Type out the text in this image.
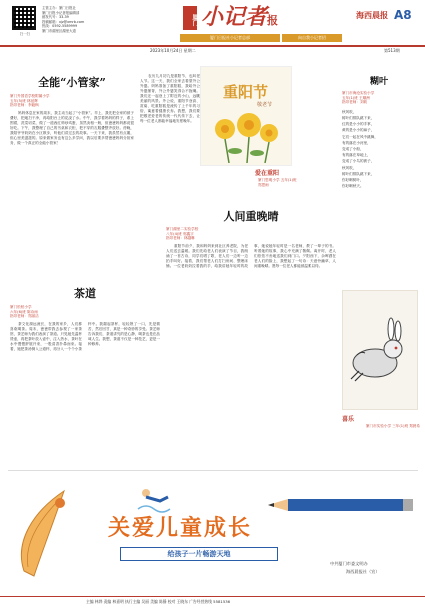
扫一扫
主管主办：厦门日报社
厦门日报小记者报编辑部
邮发代号：33-39
投稿邮箱：xjz@xmrb.com
热线：0592-5589999
厦门市湖里区湖里大道
厦门 小记者 报	海西晨报 A8
厦门日报社小记者总部	向自我小记者招
2023年10月24日 星期二	第513期
全能“小管家”
厦门外国语学校附属小学
五年(5)班 林延辉
指导老师：李毅枫
妈妈休息在家的周末，我主动当起了“小管家”。早上，我先把全家的被子叠好，把地扫干净，再给阳台上的花浇了水。中午，我学着妈妈的样子，系上围裙，洗菜切菜，做了一道西红柿炒鸡蛋，虽然卖相一般，但爸爸妈妈都说很好吃。下午，我整理了自己的书桌和衣柜，把不穿的衣服叠整齐放好。傍晚，我陪爷爷奶奶在小区散步，听他们讲过去的故事。一天下来，我虽然有点累，但心里美滋滋的。原来做家务也有这么多学问，我以后要多帮爸爸妈妈分担家务，做一个真正的全能小管家！
茶道
厦门松柏小学
六年(6)班 陈诗雨
指导老师：郑丽洁
茶文化源远流长，在我的家乡，人们都喜欢喝茶。周末，爸爸带我去参观了一家茶馆，茶艺师为我们表演了茶道。只见她先温杯烫壶，再把茶叶放入壶中，注入热水，茶叶在水中慢慢舒展开来，一股清香扑鼻而来。接着，她把茶汤倒入公道杯，再分入一个个小茶杯中。我端起茶杯，轻轻抿了一口，先是微苦，然后回甘，真是一种奇妙的享受。茶艺师告诉我们，茶道讲究的是心静，喝茶也是在品味人生。我想，茶道不仅是一种技艺，更是一种修养。
农历九月初九是重阳节，也叫老人节。这一天，我们全家去看望外公外婆。妈妈准备了重阳糕，我给外公外婆捶背，外公外婆笑得合不拢嘴。我们还一起登上了附近的小山，远眺美丽的风景。外公说，重阳节登高、赏菊、吃重阳糕是流传了上千年的习俗，寓意着健康长寿。我想，我们要把敬老爱老的传统一代代传下去，让每一位老人都能幸福地安度晚年。
重阳节
敬老节
爱在重阳
厦门思明小学 五年(1)班 郑思雨
人间重晚晴
厦门湖里二实验学校
八年(4)班 郭鑫宇
指导老师：林越琳
重阳节前夕，我和妈妈来到社区养老院，为老人们送去温暖。我们先给老人们表演了节目，我朗诵了一首古诗，同学们唱了歌，老人们一边听一边拍手叫好。接着，我们帮老人们打扫房间、整理床铺。一位老奶奶拉着我的手，给我讲她年轻时的故事，她说她年轻时是一名老师，教了一辈子的书。听着她的故事，我心中充满了敬佩。离开时，老人们依依不舍地送我们到门口。夕阳西下，余晖洒在老人们的脸上，我想起了一句诗：天意怜幽草，人间重晚晴。愿每一位老人都能被温柔以待。
糊叶
厦门市海沧实验小学
五年(1)班 王顺洲
指导老师：刘莉
秋风吹，
树叶们排队跳下来，
红的是小小的手掌，
黄的是小小的扇子，
它们一起在风中跳舞，
有的落在小河里，
变成了小船，
有的落在草地上，
变成了小鸟的被子，
秋风吹，
树叶们排队跳下来，
你好啊树叶，
你好啊秋天。
喜乐
厦门市实验小学 三年(1)班 郑晨希
关爱儿童成长
给孩子一片畅游天地
中共厦门市委文明办
海西晨报社（宣）
主编 林烨 责编 林嘉明 执行主编 吴丽 美编 陈静 校对 王晓东 广告经营热线 5581536
